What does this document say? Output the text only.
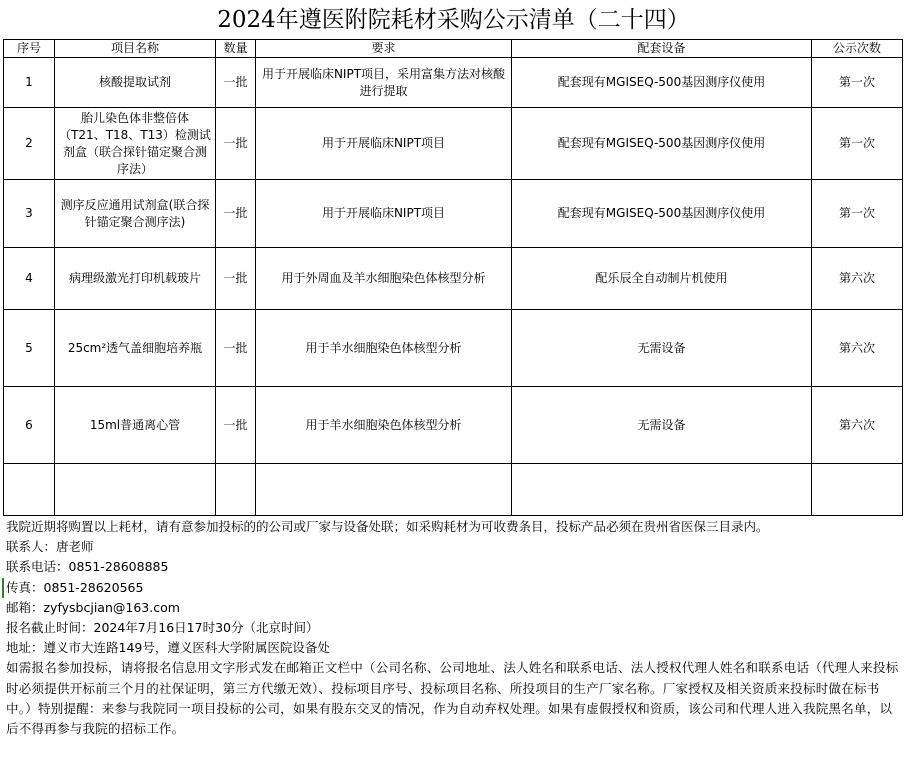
2024年遵医附院耗材采购公示清单（二十四）
序号	项目名称	数量	要求	配套设备	公示次数
1	核酸提取试剂	一批	用于开展临床NIPT项目，采用富集方法对核酸进行提取	配套现有MGISEQ-500基因测序仪使用	第一次
2	胎儿染色体非整倍体（T21、T18、T13）检测试剂盒（联合探针锚定聚合测序法）	一批	用于开展临床NIPT项目	配套现有MGISEQ-500基因测序仪使用	第一次
3	测序反应通用试剂盒(联合探针锚定聚合测序法)	一批	用于开展临床NIPT项目	配套现有MGISEQ-500基因测序仪使用	第一次
4	病理级激光打印机载玻片	一批	用于外周血及羊水细胞染色体核型分析	配乐辰全自动制片机使用	第六次
5	25cm²透气盖细胞培养瓶	一批	用于羊水细胞染色体核型分析	无需设备	第六次
6	15ml普通离心管	一批	用于羊水细胞染色体核型分析	无需设备	第六次

我院近期将购置以上耗材，请有意参加投标的的公司或厂家与设备处联；如采购耗材为可收费条目，投标产品必须在贵州省医保三目录内。
联系人：唐老师
联系电话：0851-28608885
传真：0851-28620565
邮箱：zyfysbcjian@163.com
报名截止时间：2024年7月16日17时30分（北京时间）
地址：遵义市大连路149号，遵义医科大学附属医院设备处
如需报名参加投标，请将报名信息用文字形式发在邮箱正文栏中（公司名称、公司地址、法人姓名和联系电话、法人授权代理人姓名和联系电话（代理人来投标时必须提供开标前三个月的社保证明，第三方代缴无效）、投标项目序号、投标项目名称、所投项目的生产厂家名称。厂家授权及相关资质来投标时做在标书中。）特别提醒：来参与我院同一项目投标的公司，如果有股东交叉的情况，作为自动弃权处理。如果有虚假授权和资质，该公司和代理人进入我院黑名单，以后不得再参与我院的招标工作。
